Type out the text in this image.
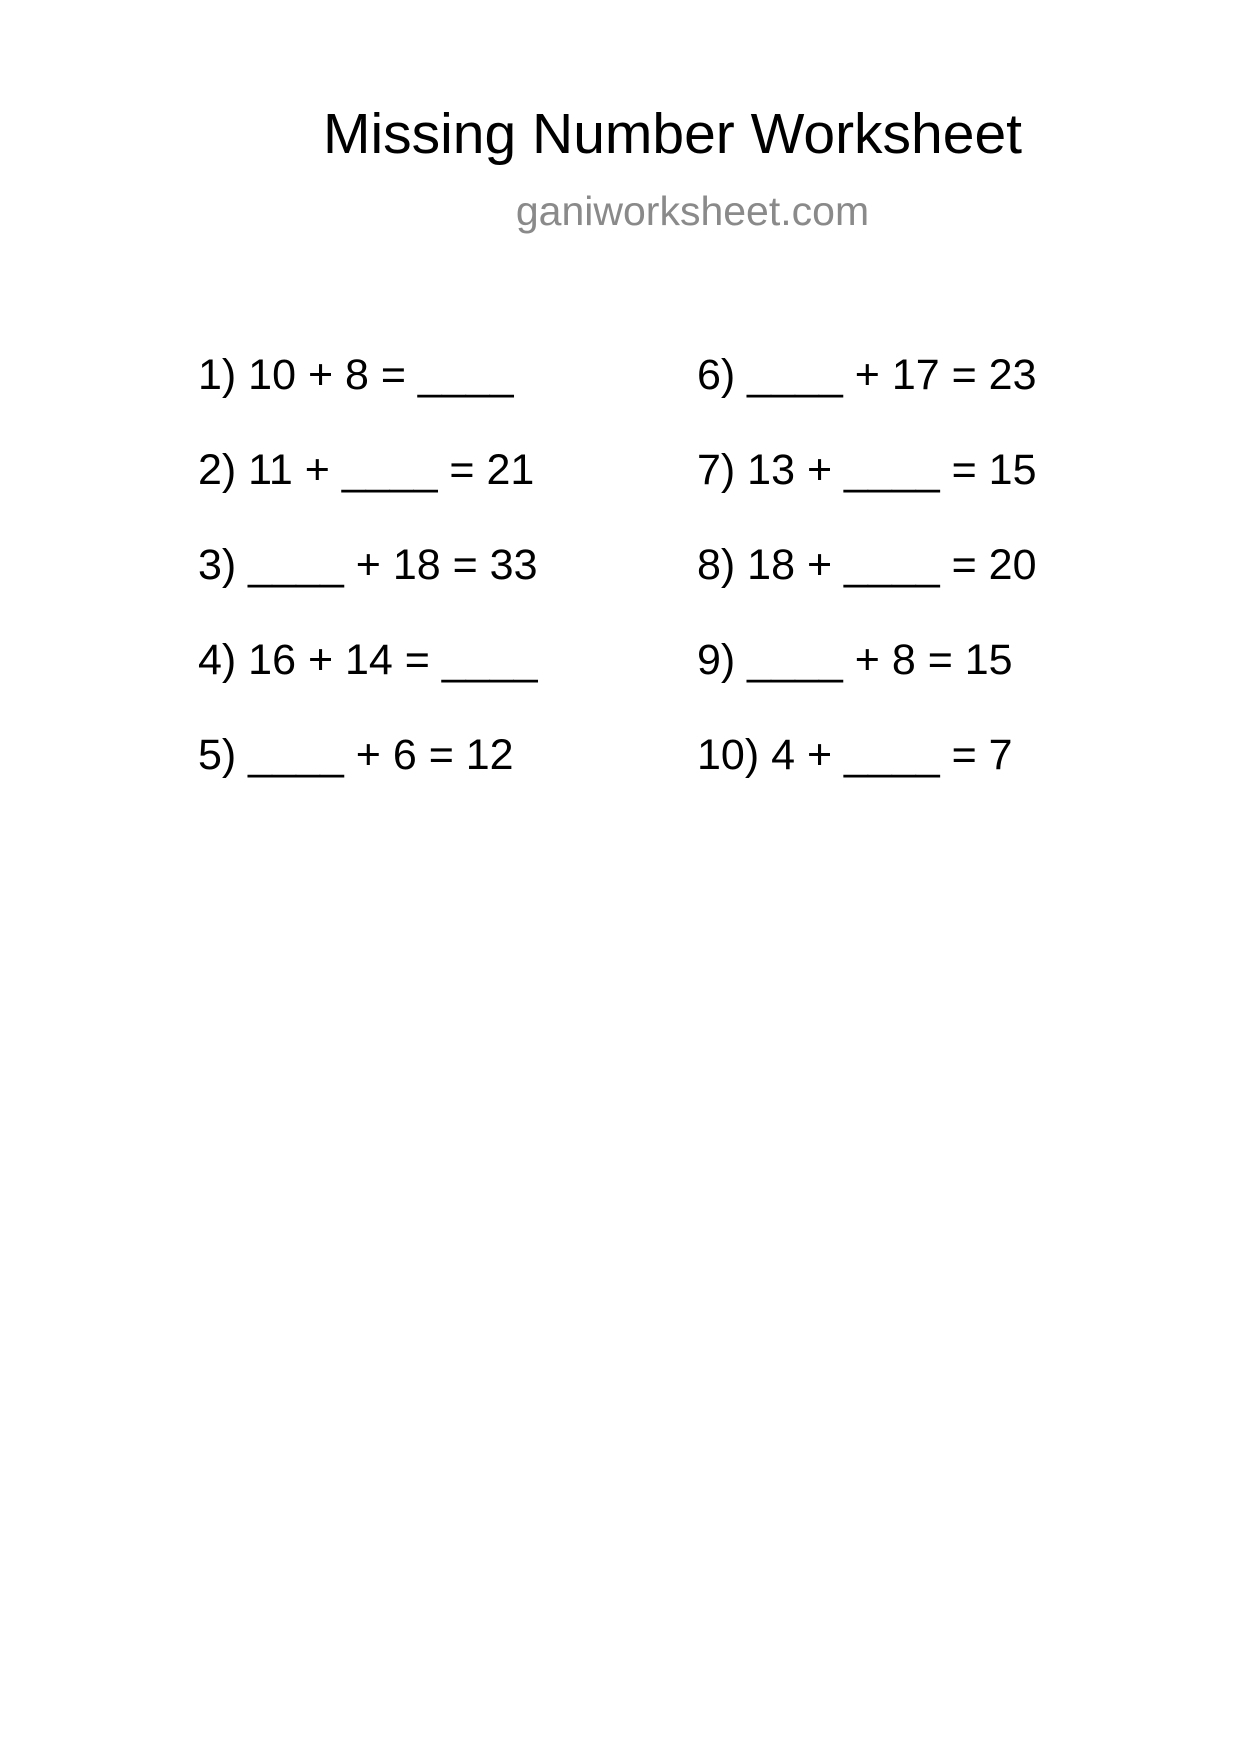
Missing Number Worksheet
ganiworksheet.com
1) 10 + 8 = ____
2) 11 + ____ = 21
3) ____ + 18 = 33
4) 16 + 14 = ____
5) ____ + 6 = 12
6) ____ + 17 = 23
7) 13 + ____ = 15
8) 18 + ____ = 20
9) ____ + 8 = 15
10) 4 + ____ = 7
